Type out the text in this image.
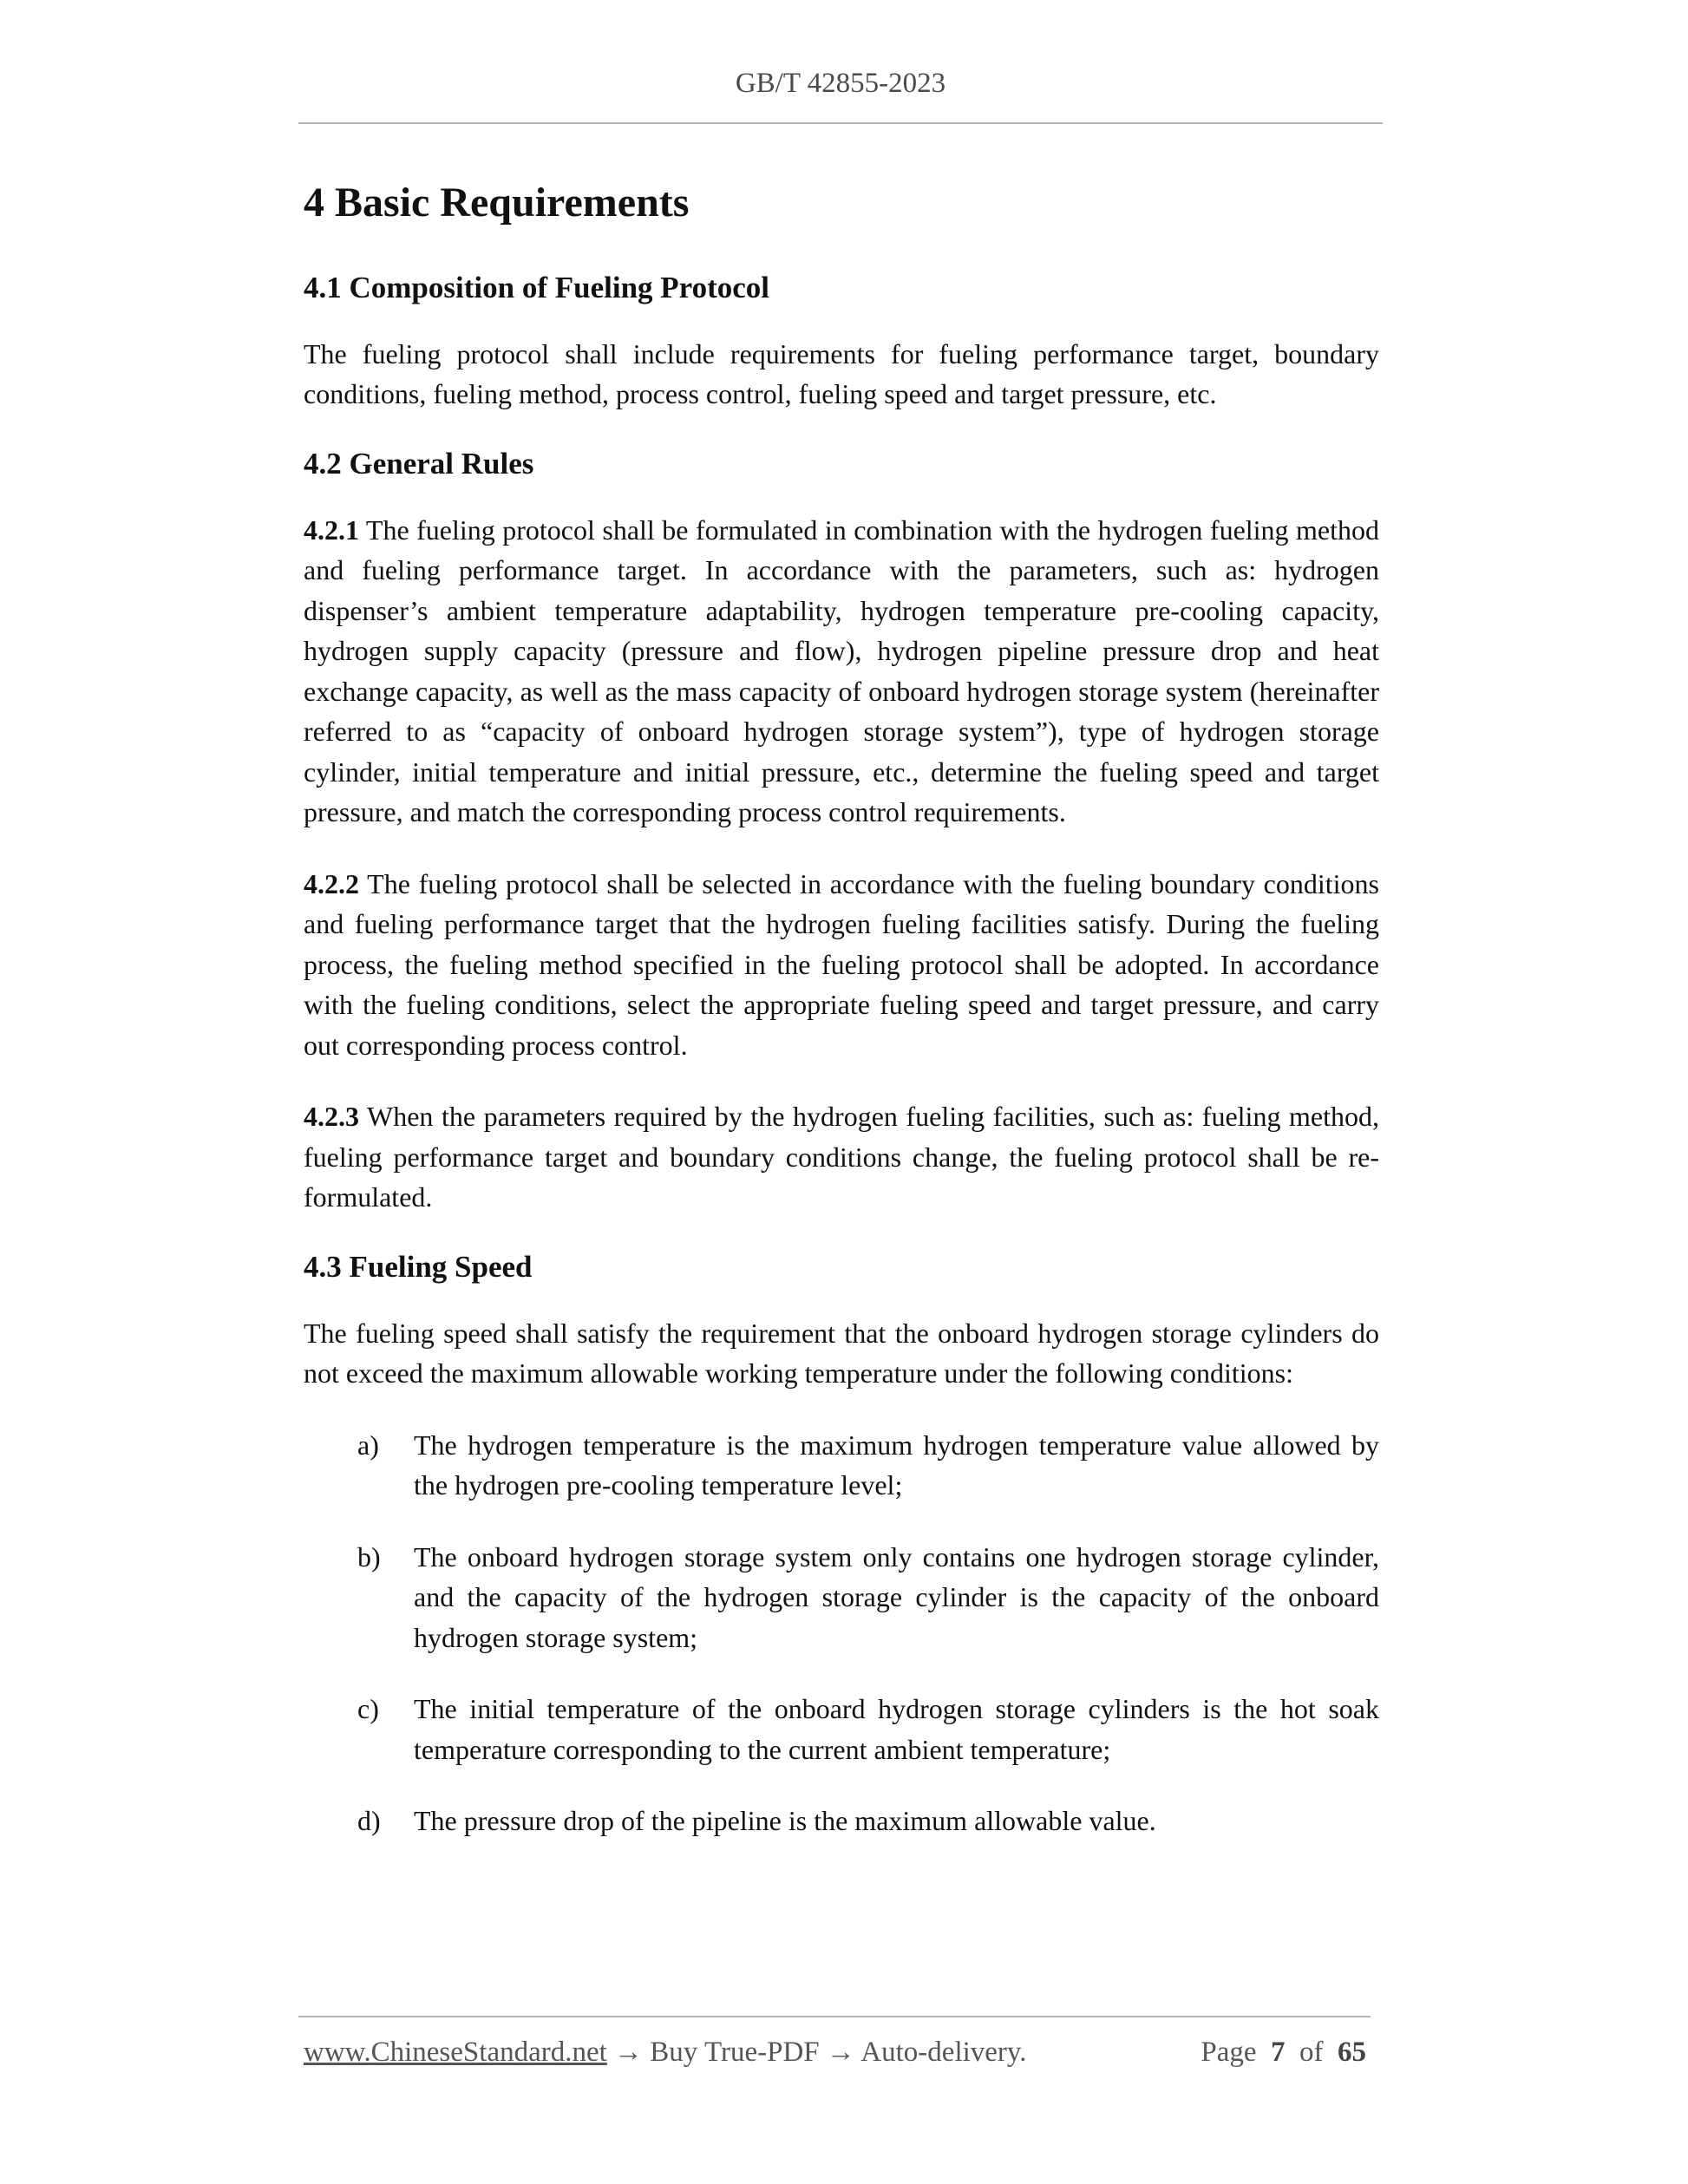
GB/T 42855-2023
4 Basic Requirements
4.1 Composition of Fueling Protocol

The fueling protocol shall include requirements for fueling performance target, boundary conditions, fueling method, process control, fueling speed and target pressure, etc.

4.2 General Rules

4.2.1 The fueling protocol shall be formulated in combination with the hydrogen fueling method and fueling performance target. In accordance with the parameters, such as: hydrogen dispenser’s ambient temperature adaptability, hydrogen temperature pre-cooling capacity, hydrogen supply capacity (pressure and flow), hydrogen pipeline pressure drop and heat exchange capacity, as well as the mass capacity of onboard hydrogen storage system (hereinafter referred to as “capacity of onboard hydrogen storage system”), type of hydrogen storage cylinder, initial temperature and initial pressure, etc., determine the fueling speed and target pressure, and match the corresponding process control requirements.

4.2.2 The fueling protocol shall be selected in accordance with the fueling boundary conditions and fueling performance target that the hydrogen fueling facilities satisfy. During the fueling process, the fueling method specified in the fueling protocol shall be adopted. In accordance with the fueling conditions, select the appropriate fueling speed and target pressure, and carry out corresponding process control.

4.2.3 When the parameters required by the hydrogen fueling facilities, such as: fueling method, fueling performance target and boundary conditions change, the fueling protocol shall be re-formulated.

4.3 Fueling Speed

The fueling speed shall satisfy the requirement that the onboard hydrogen storage cylinders do not exceed the maximum allowable working temperature under the following conditions:

a) The hydrogen temperature is the maximum hydrogen temperature value allowed by the hydrogen pre-cooling temperature level;
b) The onboard hydrogen storage system only contains one hydrogen storage cylinder, and the capacity of the hydrogen storage cylinder is the capacity of the onboard hydrogen storage system;
c) The initial temperature of the onboard hydrogen storage cylinders is the hot soak temperature corresponding to the current ambient temperature;
d) The pressure drop of the pipeline is the maximum allowable value.
www.ChineseStandard.net → Buy True-PDF → Auto-delivery.	Page 7 of 65
